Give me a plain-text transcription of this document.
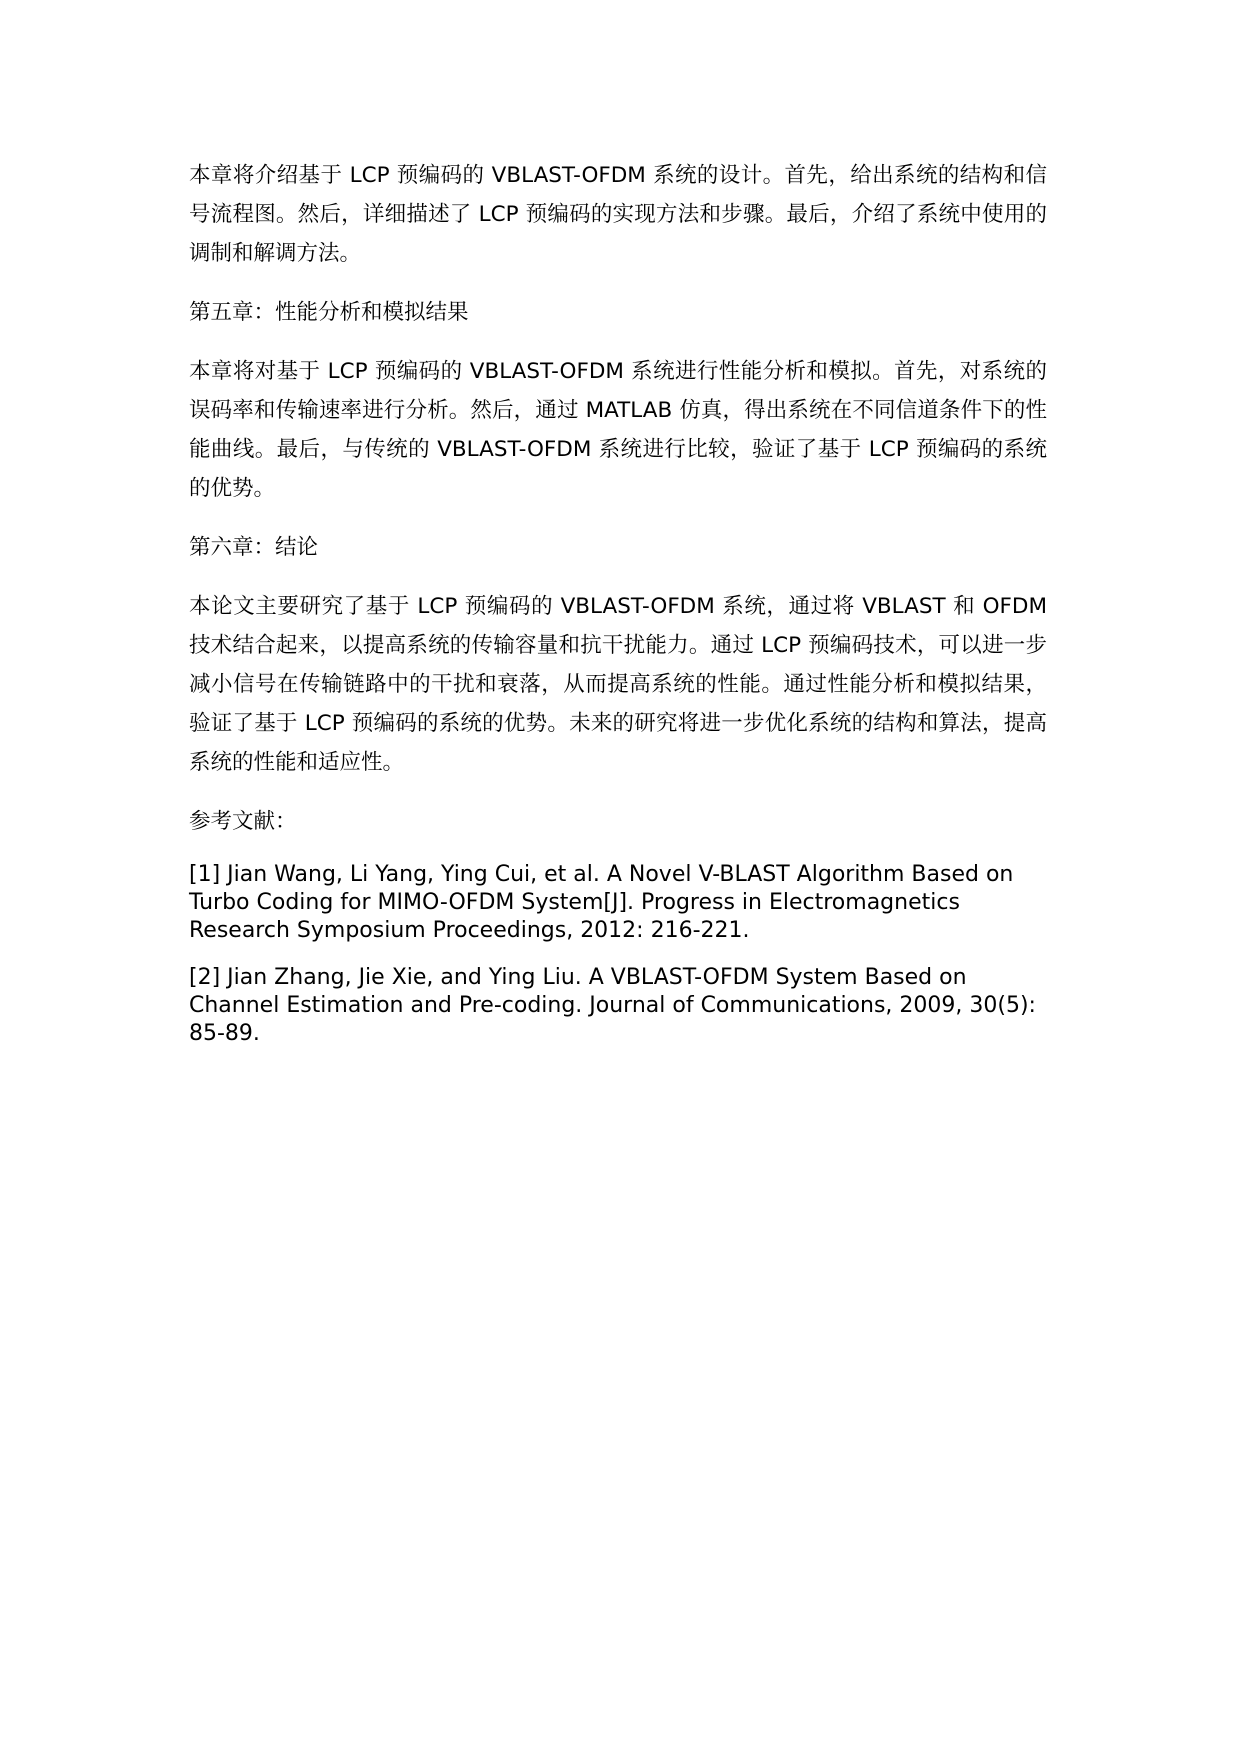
本章将介绍基于 LCP 预编码的 VBLAST-OFDM 系统的设计。首先，给出系统的结构和信号流程图。然后，详细描述了 LCP 预编码的实现方法和步骤。最后，介绍了系统中使用的调制和解调方法。

第五章：性能分析和模拟结果

本章将对基于 LCP 预编码的 VBLAST-OFDM 系统进行性能分析和模拟。首先，对系统的误码率和传输速率进行分析。然后，通过 MATLAB 仿真，得出系统在不同信道条件下的性能曲线。最后，与传统的 VBLAST-OFDM 系统进行比较，验证了基于 LCP 预编码的系统的优势。

第六章：结论

本论文主要研究了基于 LCP 预编码的 VBLAST-OFDM 系统，通过将 VBLAST 和 OFDM 技术结合起来，以提高系统的传输容量和抗干扰能力。通过 LCP 预编码技术，可以进一步减小信号在传输链路中的干扰和衰落，从而提高系统的性能。通过性能分析和模拟结果，验证了基于 LCP 预编码的系统的优势。未来的研究将进一步优化系统的结构和算法，提高系统的性能和适应性。

参考文献：

[1] Jian Wang, Li Yang, Ying Cui, et al. A Novel V-BLAST Algorithm Based on Turbo Coding for MIMO-OFDM System[J]. Progress in Electromagnetics Research Symposium Proceedings, 2012: 216-221.

[2] Jian Zhang, Jie Xie, and Ying Liu. A VBLAST-OFDM System Based on Channel Estimation and Pre-coding. Journal of Communications, 2009, 30(5): 85-89.
